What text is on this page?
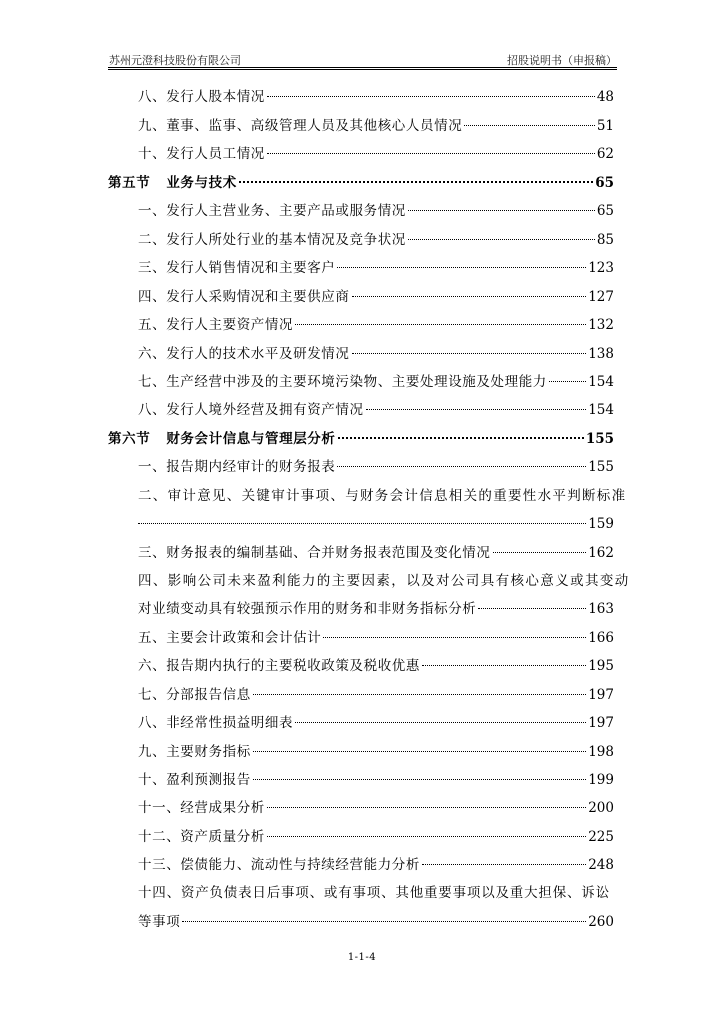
苏州元澄科技股份有限公司	招股说明书（申报稿）
八、发行人股本情况	48
九、董事、监事、高级管理人员及其他核心人员情况	51
十、发行人员工情况	62
第五节 业务与技术	65
一、发行人主营业务、主要产品或服务情况	65
二、发行人所处行业的基本情况及竞争状况	85
三、发行人销售情况和主要客户	123
四、发行人采购情况和主要供应商	127
五、发行人主要资产情况	132
六、发行人的技术水平及研发情况	138
七、生产经营中涉及的主要环境污染物、主要处理设施及处理能力	154
八、发行人境外经营及拥有资产情况	154
第六节 财务会计信息与管理层分析	155
一、报告期内经审计的财务报表	155
二、审计意见、关键审计事项、与财务会计信息相关的重要性水平判断标准
159
三、财务报表的编制基础、合并财务报表范围及变化情况	162
四、影响公司未来盈利能力的主要因素，以及对公司具有核心意义或其变动
对业绩变动具有较强预示作用的财务和非财务指标分析	163
五、主要会计政策和会计估计	166
六、报告期内执行的主要税收政策及税收优惠	195
七、分部报告信息	197
八、非经常性损益明细表	197
九、主要财务指标	198
十、盈利预测报告	199
十一、经营成果分析	200
十二、资产质量分析	225
十三、偿债能力、流动性与持续经营能力分析	248
十四、资产负债表日后事项、或有事项、其他重要事项以及重大担保、诉讼
等事项	260
1-1-4
